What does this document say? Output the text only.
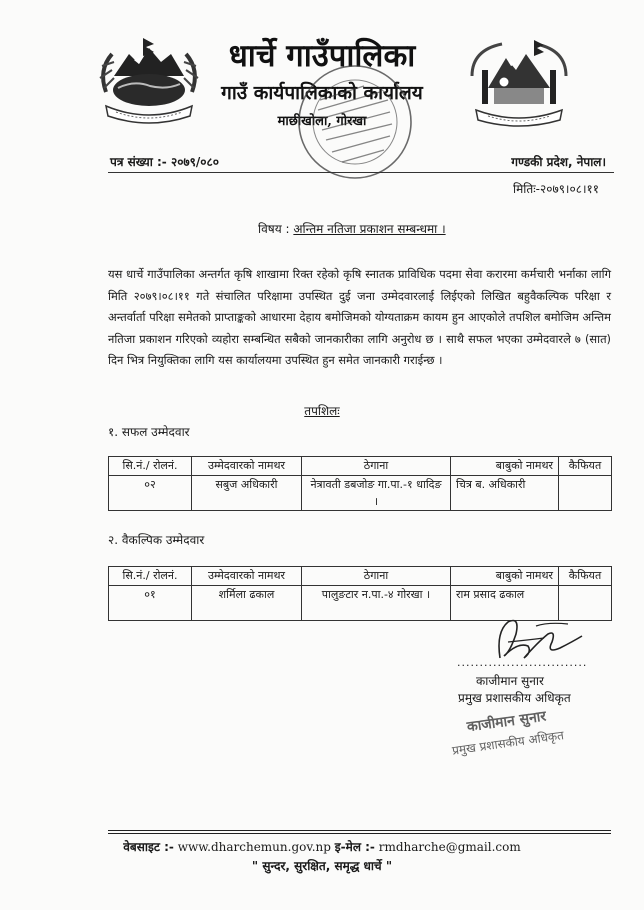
धार्चे गाउँपालिका
गाउँ कार्यपालिकाको कार्यालय
माछीखोला, गोरखा
पत्र संख्या :- २०७९/०८०	गण्डकी प्रदेश, नेपाल।
मितिः-२०७९।०८।११
विषय : अन्तिम नतिजा प्रकाशन सम्बन्धमा ।
यस धार्चे गाउँपालिका अन्तर्गत कृषि शाखामा रिक्त रहेको कृषि स्नातक प्राविधिक पदमा सेवा करारमा कर्मचारी भर्नाका लागि मिति २०७९।०८।११ गते संचालित परिक्षामा उपस्थित दुई जना उम्मेदवारलाई लिईएको लिखित बहुवैकल्पिक परिक्षा र अन्तर्वार्ता परिक्षा समेतको प्राप्ताङ्कको आधारमा देहाय बमोजिमको योग्यताक्रम कायम हुन आएकोले तपशिल बमोजिम अन्तिम नतिजा प्रकाशन गरिएको व्यहोरा सम्बन्धित सबैको जानकारीका लागि अनुरोध छ । साथै सफल भएका उम्मेदवारले ७ (सात) दिन भित्र नियुक्तिका लागि यस कार्यालयमा उपस्थित हुन समेत जानकारी गराईन्छ ।
तपशिलः
१. सफल उम्मेदवार
सि.नं./ रोलनं.	उम्मेदवारको नामथर	ठेगाना	बाबुको नामथर	कैफियत
०२	सबुज अधिकारी	नेत्रावती डबजोङ गा.पा.-१ धादिङ ।	चित्र ब. अधिकारी	
२. वैकल्पिक उम्मेदवार
सि.नं./ रोलनं.	उम्मेदवारको नामथर	ठेगाना	बाबुको नामथर	कैफियत
०१	शर्मिला ढकाल	पालुङटार न.पा.-४ गोरखा ।	राम प्रसाद ढकाल	
.............................
काजीमान सुनार
प्रमुख प्रशासकीय अधिकृत
काजीमान सुनार
प्रमुख प्रशासकीय अधिकृत
वेबसाइट :- www.dharchemun.gov.np इ-मेल :- rmdharche@gmail.com
" सुन्दर, सुरक्षित, समृद्ध धार्चे "
